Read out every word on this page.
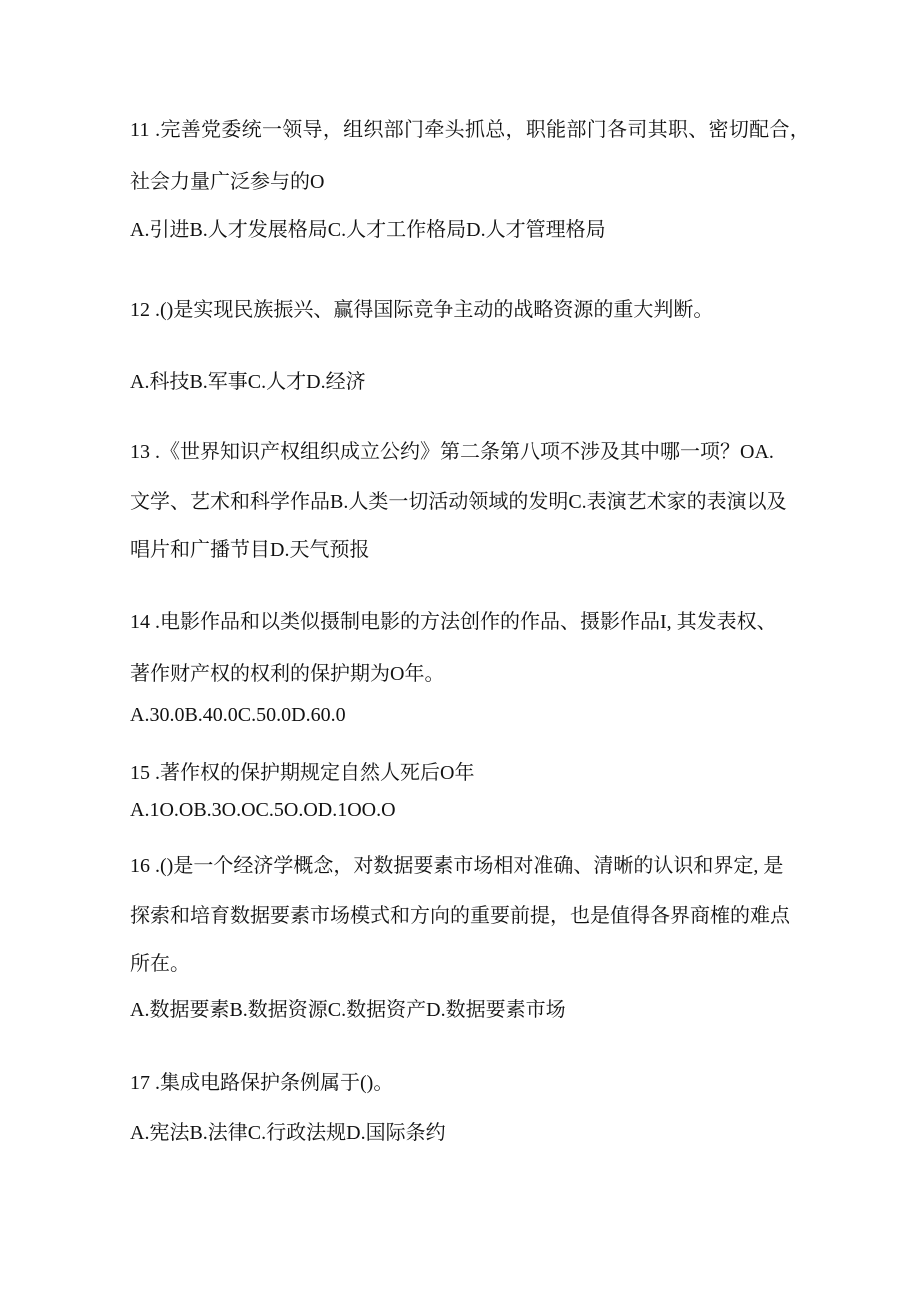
11 .完善党委统一领导，组织部门牵头抓总，职能部门各司其职、密切配合，
社会力量广泛参与的O
A.引进B.人才发展格局C.人才工作格局D.人才管理格局
12 .()是实现民族振兴、赢得国际竞争主动的战略资源的重大判断。
A.科技B.军事C.人才D.经济
13 .《世界知识产权组织成立公约》第二条第八项不涉及其中哪一项？OA.
文学、艺术和科学作品B.人类一切活动领域的发明C.表演艺术家的表演以及
唱片和广播节目D.天气预报
14 .电影作品和以类似摄制电影的方法创作的作品、摄影作品I, 其发表权、
著作财产权的权利的保护期为O年。
A.30.0B.40.0C.50.0D.60.0
15 .著作权的保护期规定自然人死后O年
A.1O.OB.3O.OC.5O.OD.1OO.O
16 .()是一个经济学概念，对数据要素市场相对准确、清晰的认识和界定, 是
探索和培育数据要素市场模式和方向的重要前提，也是值得各界商榷的难点
所在。
A.数据要素B.数据资源C.数据资产D.数据要素市场
17 .集成电路保护条例属于()。
A.宪法B.法律C.行政法规D.国际条约
